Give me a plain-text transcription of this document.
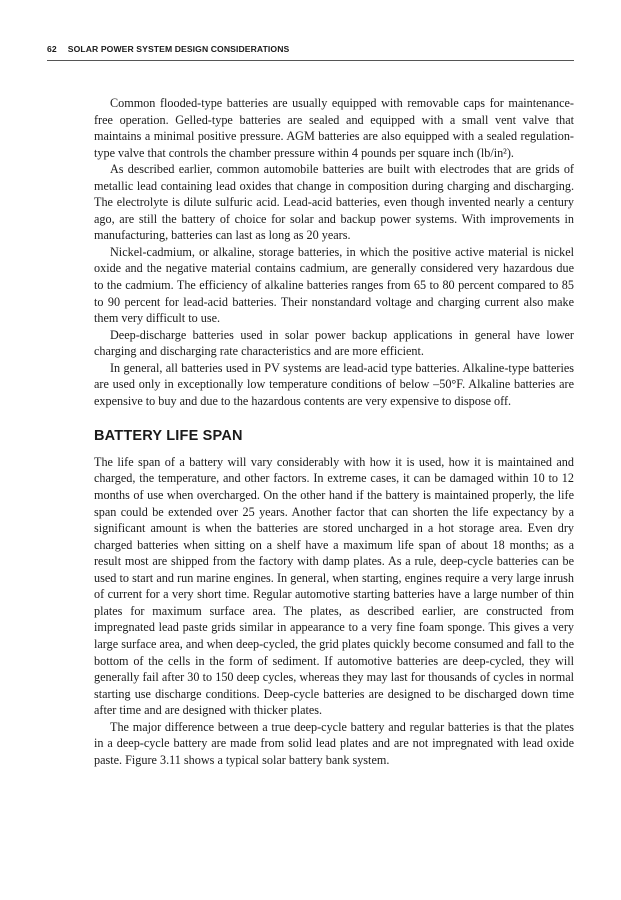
62 SOLAR POWER SYSTEM DESIGN CONSIDERATIONS

Common flooded-type batteries are usually equipped with removable caps for maintenance-free operation. Gelled-type batteries are sealed and equipped with a small vent valve that maintains a minimal positive pressure. AGM batteries are also equipped with a sealed regulation-type valve that controls the chamber pressure within 4 pounds per square inch (lb/in²).

As described earlier, common automobile batteries are built with electrodes that are grids of metallic lead containing lead oxides that change in composition during charging and discharging. The electrolyte is dilute sulfuric acid. Lead-acid batteries, even though invented nearly a century ago, are still the battery of choice for solar and backup power systems. With improvements in manufacturing, batteries can last as long as 20 years.

Nickel-cadmium, or alkaline, storage batteries, in which the positive active material is nickel oxide and the negative material contains cadmium, are generally considered very hazardous due to the cadmium. The efficiency of alkaline batteries ranges from 65 to 80 percent compared to 85 to 90 percent for lead-acid batteries. Their nonstandard voltage and charging current also make them very difficult to use.

Deep-discharge batteries used in solar power backup applications in general have lower charging and discharging rate characteristics and are more efficient.

In general, all batteries used in PV systems are lead-acid type batteries. Alkaline-type batteries are used only in exceptionally low temperature conditions of below –50°F. Alkaline batteries are expensive to buy and due to the hazardous contents are very expensive to dispose off.

BATTERY LIFE SPAN

The life span of a battery will vary considerably with how it is used, how it is maintained and charged, the temperature, and other factors. In extreme cases, it can be damaged within 10 to 12 months of use when overcharged. On the other hand if the battery is maintained properly, the life span could be extended over 25 years. Another factor that can shorten the life expectancy by a significant amount is when the batteries are stored uncharged in a hot storage area. Even dry charged batteries when sitting on a shelf have a maximum life span of about 18 months; as a result most are shipped from the factory with damp plates. As a rule, deep-cycle batteries can be used to start and run marine engines. In general, when starting, engines require a very large inrush of current for a very short time. Regular automotive starting batteries have a large number of thin plates for maximum surface area. The plates, as described earlier, are constructed from impregnated lead paste grids similar in appearance to a very fine foam sponge. This gives a very large surface area, and when deep-cycled, the grid plates quickly become consumed and fall to the bottom of the cells in the form of sediment. If automotive batteries are deep-cycled, they will generally fail after 30 to 150 deep cycles, whereas they may last for thousands of cycles in normal starting use discharge conditions. Deep-cycle batteries are designed to be discharged down time after time and are designed with thicker plates.

The major difference between a true deep-cycle battery and regular batteries is that the plates in a deep-cycle battery are made from solid lead plates and are not impregnated with lead oxide paste. Figure 3.11 shows a typical solar battery bank system.
